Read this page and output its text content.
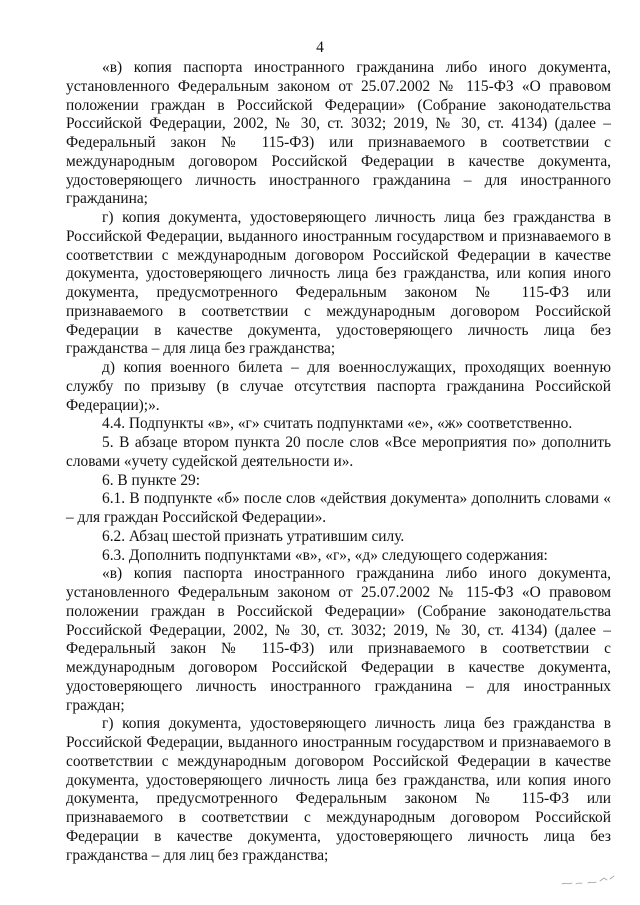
4

«в) копия паспорта иностранного гражданина либо иного документа, установленного Федеральным законом от 25.07.2002 № 115-ФЗ «О правовом положении граждан в Российской Федерации» (Собрание законодательства Российской Федерации, 2002, № 30, ст. 3032; 2019, № 30, ст. 4134) (далее – Федеральный закон № 115-ФЗ) или признаваемого в соответствии с международным договором Российской Федерации в качестве документа, удостоверяющего личность иностранного гражданина – для иностранного гражданина;

г) копия документа, удостоверяющего личность лица без гражданства в Российской Федерации, выданного иностранным государством и признаваемого в соответствии с международным договором Российской Федерации в качестве документа, удостоверяющего личность лица без гражданства, или копия иного документа, предусмотренного Федеральным законом № 115-ФЗ или признаваемого в соответствии с международным договором Российской Федерации в качестве документа, удостоверяющего личность лица без гражданства – для лица без гражданства;

д) копия военного билета – для военнослужащих, проходящих военную службу по призыву (в случае отсутствия паспорта гражданина Российской Федерации);».

4.4. Подпункты «в», «г» считать подпунктами «е», «ж» соответственно.

5. В абзаце втором пункта 20 после слов «Все мероприятия по» дополнить словами «учету судейской деятельности и».

6. В пункте 29:

6.1. В подпункте «б» после слов «действия документа» дополнить словами « – для граждан Российской Федерации».

6.2. Абзац шестой признать утратившим силу.

6.3. Дополнить подпунктами «в», «г», «д» следующего содержания:

«в) копия паспорта иностранного гражданина либо иного документа, установленного Федеральным законом от 25.07.2002 № 115-ФЗ «О правовом положении граждан в Российской Федерации» (Собрание законодательства Российской Федерации, 2002, № 30, ст. 3032; 2019, № 30, ст. 4134) (далее – Федеральный закон № 115-ФЗ) или признаваемого в соответствии с международным договором Российской Федерации в качестве документа, удостоверяющего личность иностранного гражданина – для иностранных граждан;

г) копия документа, удостоверяющего личность лица без гражданства в Российской Федерации, выданного иностранным государством и признаваемого в соответствии с международным договором Российской Федерации в качестве документа, удостоверяющего личность лица без гражданства, или копия иного документа, предусмотренного Федеральным законом № 115-ФЗ или признаваемого в соответствии с международным договором Российской Федерации в качестве документа, удостоверяющего личность лица без гражданства – для лиц без гражданства;
